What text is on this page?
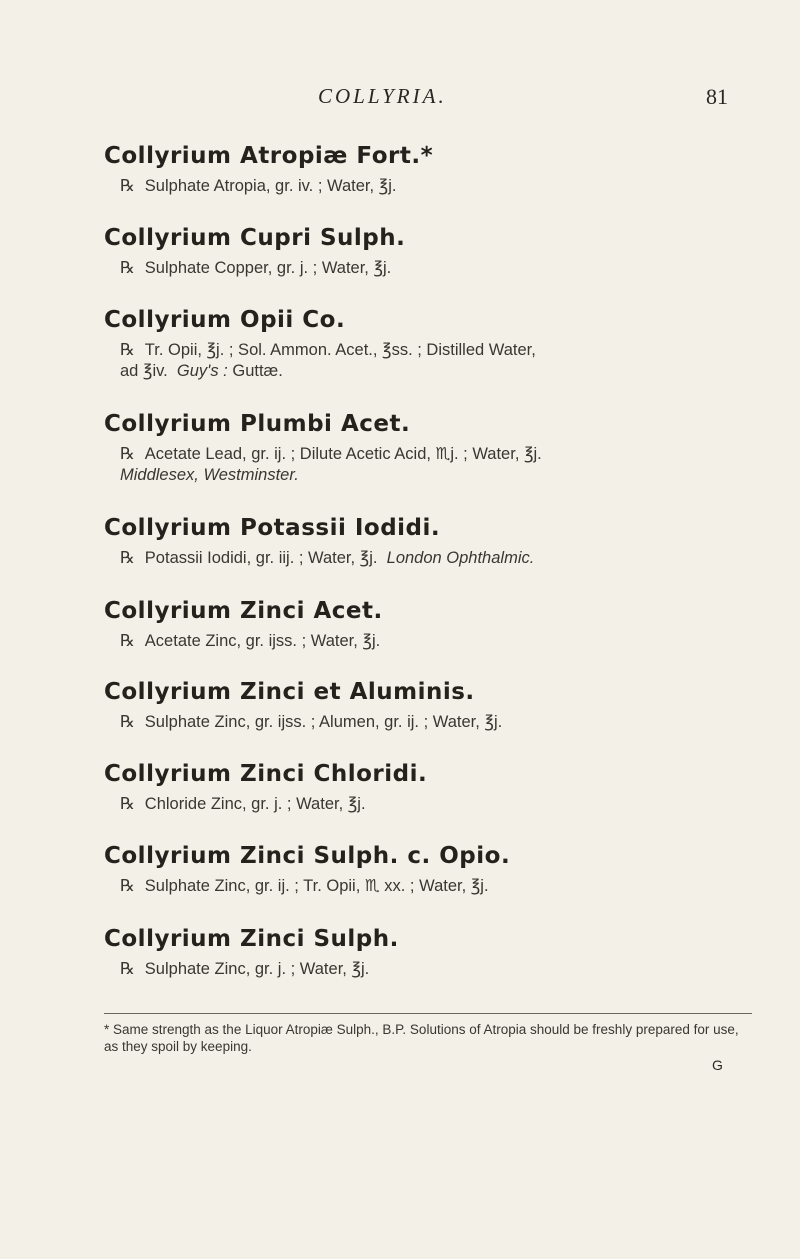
COLLYRIA.	81
Collyrium Atropiæ Fort.*
℞ Sulphate Atropia, gr. iv. ; Water, ℥j.
Collyrium Cupri Sulph.
℞ Sulphate Copper, gr. j. ; Water, ℥j.
Collyrium Opii Co.
℞ Tr. Opii, ℥j. ; Sol. Ammon. Acet., ℥ss. ; Distilled Water,
ad ℥iv. Guy's : Guttæ.
Collyrium Plumbi Acet.
℞ Acetate Lead, gr. ij. ; Dilute Acetic Acid, ♏j. ; Water, ℥j.
Middlesex, Westminster.
Collyrium Potassii Iodidi.
℞ Potassii Iodidi, gr. iij. ; Water, ℥j. London Ophthalmic.
Collyrium Zinci Acet.
℞ Acetate Zinc, gr. ijss. ; Water, ℥j.
Collyrium Zinci et Aluminis.
℞ Sulphate Zinc, gr. ijss. ; Alumen, gr. ij. ; Water, ℥j.
Collyrium Zinci Chloridi.
℞ Chloride Zinc, gr. j. ; Water, ℥j.
Collyrium Zinci Sulph. c. Opio.
℞ Sulphate Zinc, gr. ij. ; Tr. Opii, ♏ xx. ; Water, ℥j.
Collyrium Zinci Sulph.
℞ Sulphate Zinc, gr. j. ; Water, ℥j.
* Same strength as the Liquor Atropiæ Sulph., B.P. Solutions of Atropia should be freshly prepared for use, as they spoil by keeping.
G
